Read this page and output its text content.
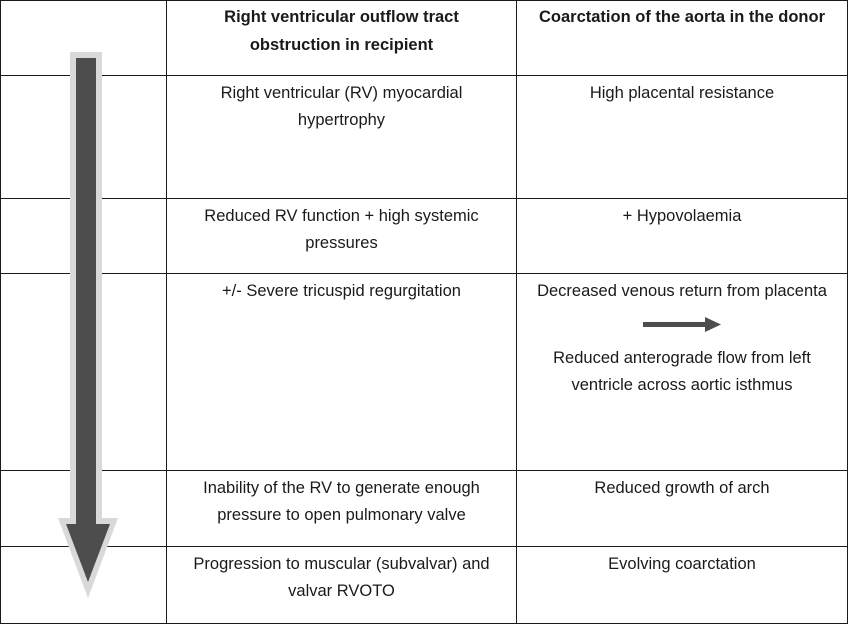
	Right ventricular outflow tract obstruction in recipient	Coarctation of the aorta in the donor

	Right ventricular (RV) myocardial hypertrophy	High placental resistance

	Reduced RV function + high systemic pressures	+ Hypovolaemia

	+/- Severe tricuspid regurgitation	Decreased venous return from placenta
Reduced anterograde flow from left ventricle across aortic isthmus

	Inability of the RV to generate enough pressure to open pulmonary valve	Reduced growth of arch

	Progression to muscular (subvalvar) and valvar RVOTO	Evolving coarctation
